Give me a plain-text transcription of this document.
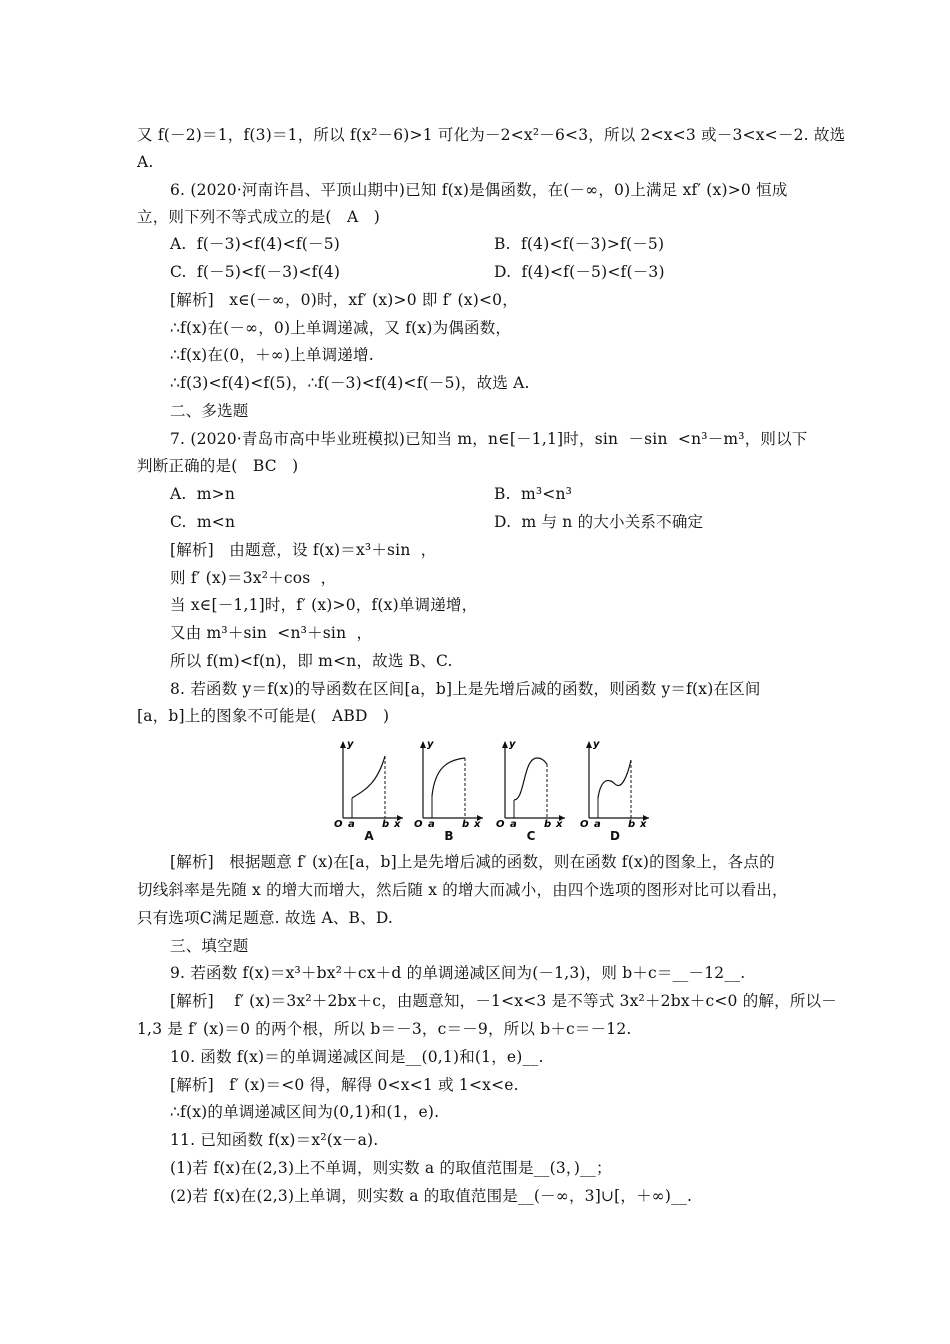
又 f(－2)＝1，f(3)＝1，所以 f(x²－6)>1 可化为－2<x²－6<3，所以 2<x<3 或－3<x<－2. 故选
A.
6. (2020·河南许昌、平顶山期中)已知 f(x)是偶函数，在(－∞，0)上满足 xf′ (x)>0 恒成
立，则下列不等式成立的是(   A   )
A.  f(－3)<f(4)<f(－5)	B.  f(4)<f(－3)>f(－5)
C.  f(－5)<f(－3)<f(4)	D.  f(4)<f(－5)<f(－3)
[解析]   x∈(－∞，0)时，xf′ (x)>0 即 f′ (x)<0，
∴f(x)在(－∞，0)上单调递减，又 f(x)为偶函数，
∴f(x)在(0，＋∞)上单调递增.
∴f(3)<f(4)<f(5)，∴f(－3)<f(4)<f(－5)，故选 A.
二、多选题
7. (2020·青岛市高中毕业班模拟)已知当 m，n∈[－1,1]时，sin  －sin  <n³－m³，则以下
判断正确的是(   BC   )
A.  m>n	B.  m³<n³
C.  m<n	D.  m 与 n 的大小关系不确定
[解析]   由题意，设 f(x)＝x³＋sin  ，
则 f′ (x)＝3x²＋cos  ，
当 x∈[－1,1]时，f′ (x)>0，f(x)单调递增，
又由 m³＋sin  <n³＋sin  ，
所以 f(m)<f(n)，即 m<n，故选 B、C.
8. 若函数 y＝f(x)的导函数在区间[a，b]上是先增后减的函数，则函数 y＝f(x)在区间
[a，b]上的图象不可能是(   ABD   )
y
O a	b x
A
y
O a	b x
B
y
O a	b x
C
y
O a	b x
D
[解析]   根据题意 f′ (x)在[a，b]上是先增后减的函数，则在函数 f(x)的图象上，各点的
切线斜率是先随 x 的增大而增大，然后随 x 的增大而减小，由四个选项的图形对比可以看出，
只有选项C满足题意. 故选 A、B、D.
三、填空题
9. 若函数 f(x)＝x³＋bx²＋cx＋d 的单调递减区间为(－1,3)，则 b＋c＝__－12__.
[解析]    f′ (x)＝3x²＋2bx＋c，由题意知，－1<x<3 是不等式 3x²＋2bx＋c<0 的解，所以－
1,3 是 f′ (x)＝0 的两个根，所以 b＝－3，c＝－9，所以 b＋c＝－12.
10. 函数 f(x)＝的单调递减区间是__(0,1)和(1，e)__.
[解析]   f′ (x)＝<0 得，解得 0<x<1 或 1<x<e.
∴f(x)的单调递减区间为(0,1)和(1，e).
11. 已知函数 f(x)＝x²(x－a).
(1)若 f(x)在(2,3)上不单调，则实数 a 的取值范围是__(3，)__；
(2)若 f(x)在(2,3)上单调，则实数 a 的取值范围是__(－∞，3]∪[，＋∞)__.
